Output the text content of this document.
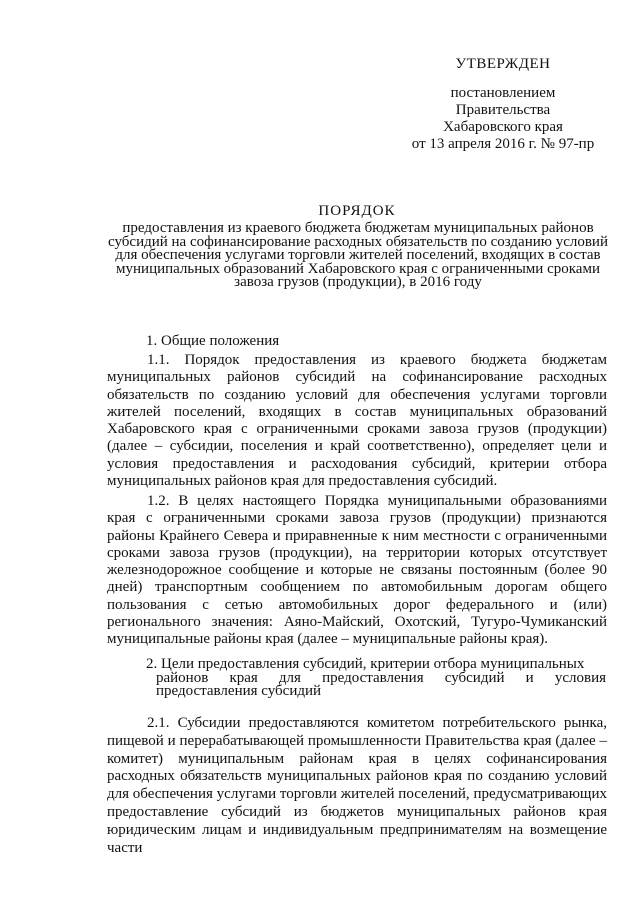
УТВЕРЖДЕН
постановлением
Правительства
Хабаровского края
от 13 апреля 2016 г. № 97-пр
ПОРЯДОК
предоставления из краевого бюджета бюджетам муниципальных районов субсидий на софинансирование расходных обязательств по созданию условий для обеспечения услугами торговли жителей поселений, входящих в состав муниципальных образований Хабаровского края с ограниченными сроками завоза грузов (продукции), в 2016 году
1. Общие положения

1.1. Порядок предоставления из краевого бюджета бюджетам муниципальных районов субсидий на софинансирование расходных обязательств по созданию условий для обеспечения услугами торговли жителей поселений, входящих в состав муниципальных образований Хабаровского края с ограниченными сроками завоза грузов (продукции) (далее – субсидии, поселения и край соответственно), определяет цели и условия предоставления и расходования субсидий, критерии отбора муниципальных районов края для предоставления субсидий.

1.2. В целях настоящего Порядка муниципальными образованиями края с ограниченными сроками завоза грузов (продукции) признаются районы Крайнего Севера и приравненные к ним местности с ограниченными сроками завоза грузов (продукции), на территории которых отсутствует железнодорожное сообщение и которые не связаны постоянным (более 90 дней) транспортным сообщением по автомобильным дорогам общего пользования с сетью автомобильных дорог федерального и (или) регионального значения: Аяно-Майский, Охотский, Тугуро-Чумиканский муниципальные районы края (далее – муниципальные районы края).

2. Цели предоставления субсидий, критерии отбора муниципальных
районов края для предоставления субсидий и условия предоставления субсидий

2.1. Субсидии предоставляются комитетом потребительского рынка, пищевой и перерабатывающей промышленности Правительства края (далее – комитет) муниципальным районам края в целях софинансирования расходных обязательств муниципальных районов края по созданию условий для обеспечения услугами торговли жителей поселений, предусматривающих предоставление субсидий из бюджетов муниципальных районов края юридическим лицам и индивидуальным предпринимателям на возмещение части
